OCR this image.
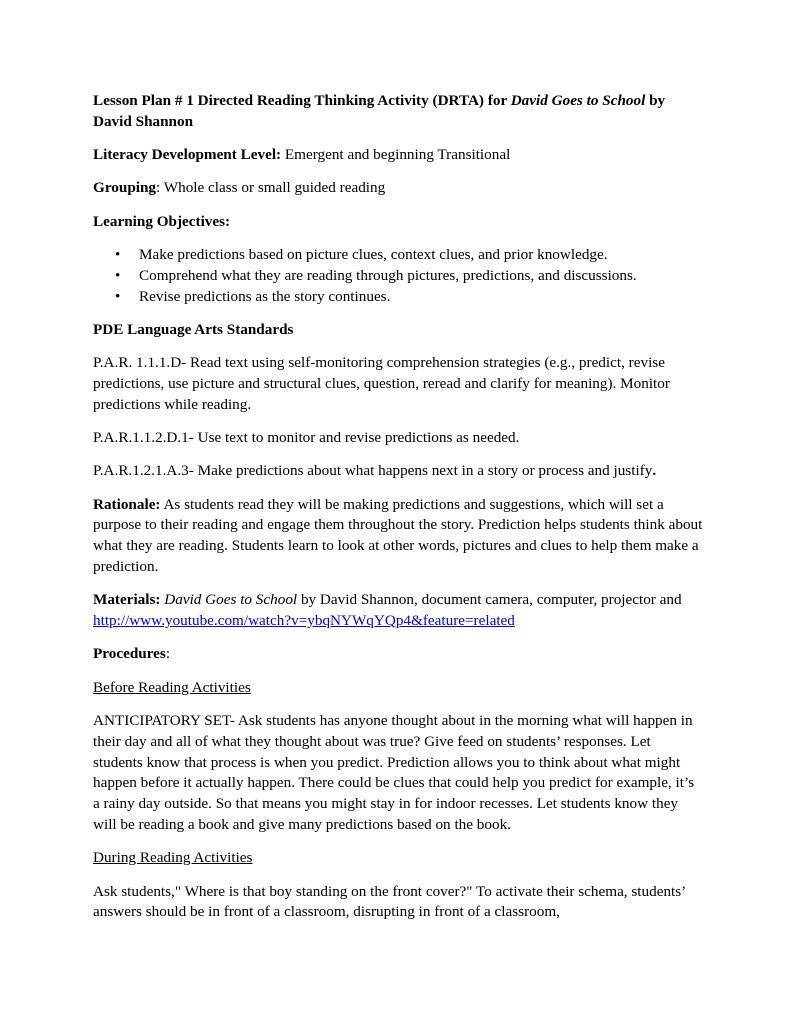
Lesson Plan # 1 Directed Reading Thinking Activity (DRTA) for David Goes to School by
David Shannon

Literacy Development Level: Emergent and beginning Transitional

Grouping: Whole class or small guided reading

Learning Objectives:

• Make predictions based on picture clues, context clues, and prior knowledge.
• Comprehend what they are reading through pictures, predictions, and discussions.
• Revise predictions as the story continues.

PDE Language Arts Standards

P.A.R. 1.1.1.D- Read text using self-monitoring comprehension strategies (e.g., predict, revise predictions, use picture and structural clues, question, reread and clarify for meaning). Monitor predictions while reading.

P.A.R.1.1.2.D.1- Use text to monitor and revise predictions as needed.

P.A.R.1.2.1.A.3- Make predictions about what happens next in a story or process and justify.

Rationale: As students read they will be making predictions and suggestions, which will set a purpose to their reading and engage them throughout the story. Prediction helps students think about what they are reading. Students learn to look at other words, pictures and clues to help them make a prediction.

Materials: David Goes to School by David Shannon, document camera, computer, projector and
http://www.youtube.com/watch?v=ybqNYWqYQp4&feature=related

Procedures:

Before Reading Activities

ANTICIPATORY SET- Ask students has anyone thought about in the morning what will happen in their day and all of what they thought about was true? Give feed on students’ responses. Let students know that process is when you predict. Prediction allows you to think about what might happen before it actually happen. There could be clues that could help you predict for example, it’s a rainy day outside. So that means you might stay in for indoor recesses. Let students know they will be reading a book and give many predictions based on the book.

During Reading Activities

Ask students," Where is that boy standing on the front cover?" To activate their schema, students’ answers should be in front of a classroom, disrupting in front of a classroom,
